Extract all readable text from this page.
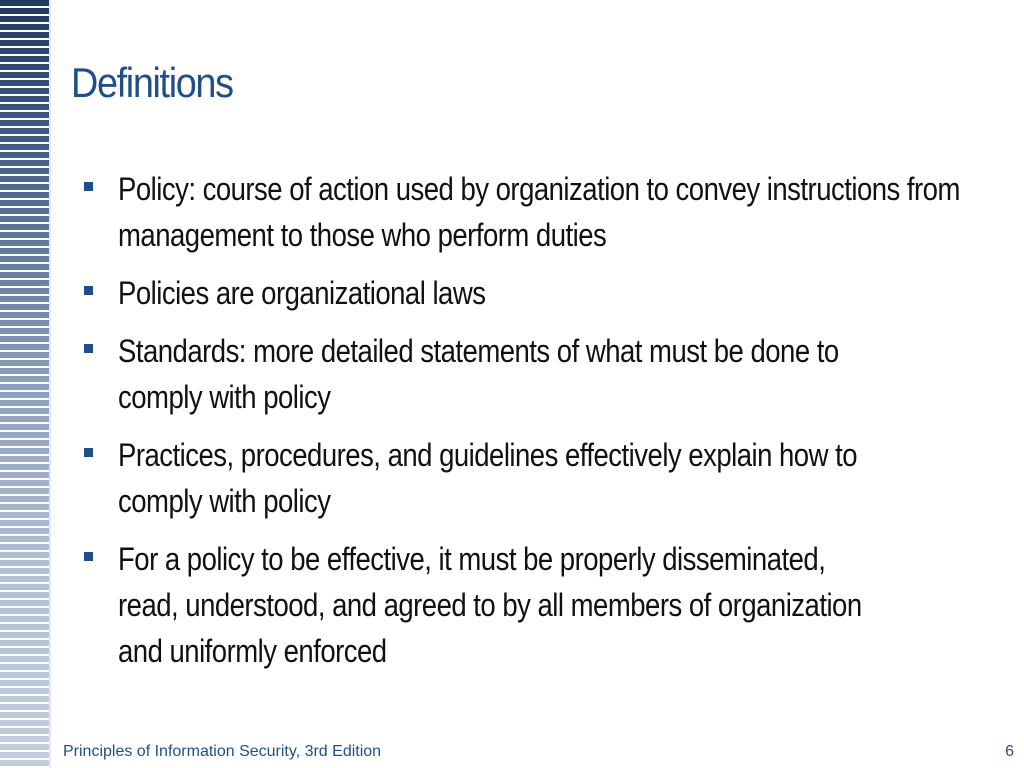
Definitions
Policy: course of action used by organization to convey instructions from management to those who perform duties
Policies are organizational laws
Standards: more detailed statements of what must be done to comply with policy
Practices, procedures, and guidelines effectively explain how to comply with policy
For a policy to be effective, it must be properly disseminated, read, understood, and agreed to by all members of organization and uniformly enforced
Principles of Information Security, 3rd Edition	6
